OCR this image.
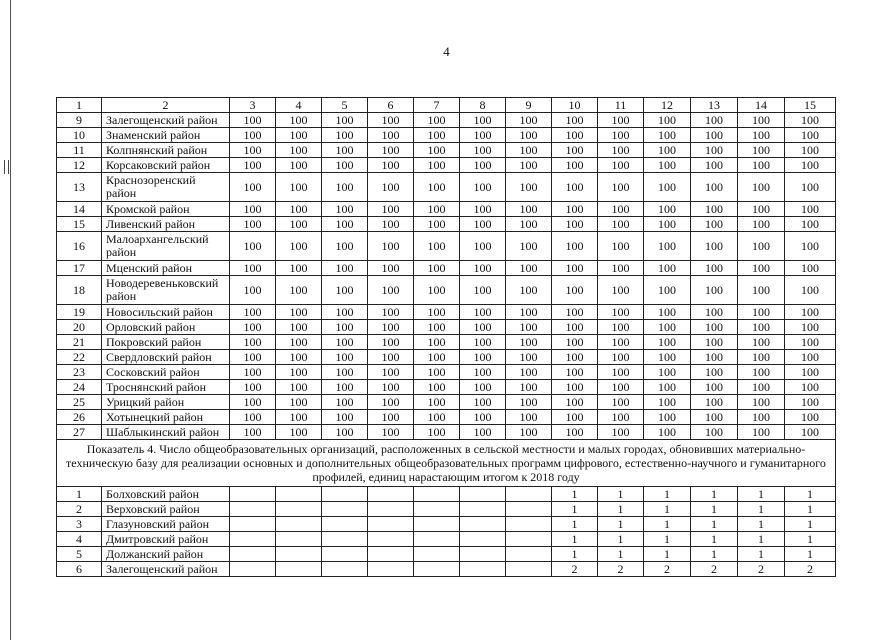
4
1	2	3	4	5	6	7	8	9	10	11	12	13	14	15
9	Залегощенский район	100	100	100	100	100	100	100	100	100	100	100	100	100
10	Знаменский район	100	100	100	100	100	100	100	100	100	100	100	100	100
11	Колпнянский район	100	100	100	100	100	100	100	100	100	100	100	100	100
12	Корсаковский район	100	100	100	100	100	100	100	100	100	100	100	100	100
13	Краснозоренский район	100	100	100	100	100	100	100	100	100	100	100	100	100
14	Кромской район	100	100	100	100	100	100	100	100	100	100	100	100	100
15	Ливенский район	100	100	100	100	100	100	100	100	100	100	100	100	100
16	Малоархангельский район	100	100	100	100	100	100	100	100	100	100	100	100	100
17	Мценский район	100	100	100	100	100	100	100	100	100	100	100	100	100
18	Новодеревеньковский район	100	100	100	100	100	100	100	100	100	100	100	100	100
19	Новосильский район	100	100	100	100	100	100	100	100	100	100	100	100	100
20	Орловский район	100	100	100	100	100	100	100	100	100	100	100	100	100
21	Покровский район	100	100	100	100	100	100	100	100	100	100	100	100	100
22	Свердловский район	100	100	100	100	100	100	100	100	100	100	100	100	100
23	Сосковский район	100	100	100	100	100	100	100	100	100	100	100	100	100
24	Троснянский район	100	100	100	100	100	100	100	100	100	100	100	100	100
25	Урицкий район	100	100	100	100	100	100	100	100	100	100	100	100	100
26	Хотынецкий район	100	100	100	100	100	100	100	100	100	100	100	100	100
27	Шаблыкинский район	100	100	100	100	100	100	100	100	100	100	100	100	100
Показатель 4. Число общеобразовательных организаций, расположенных в сельской местности и малых городах, обновивших материально-техническую базу для реализации основных и дополнительных общеобразовательных программ цифрового, естественно-научного и гуманитарного профилей, единиц нарастающим итогом к 2018 году														
1	Болховский район								1	1	1	1	1	1
2	Верховский район								1	1	1	1	1	1
3	Глазуновский район								1	1	1	1	1	1
4	Дмитровский район								1	1	1	1	1	1
5	Должанский район								1	1	1	1	1	1
6	Залегощенский район								2	2	2	2	2	2
